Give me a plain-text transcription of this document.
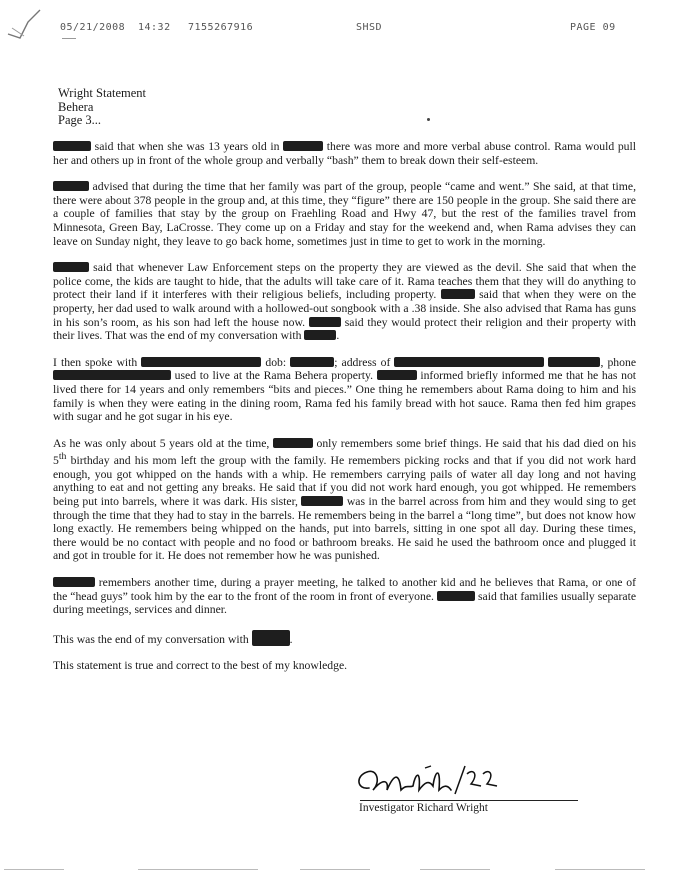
05/21/2008 14:32 7155267916	SHSD	PAGE 09
Wright Statement
Behera
Page 3...

said that when she was 13 years old in	there was more and more verbal abuse control. Rama would pull her and others up in front of the whole group and verbally “bash” them to break down their self-esteem.

advised that during the time that her family was part of the group, people “came and went.” She said, at that time, there were about 378 people in the group and, at this time, they “figure” there are 150 people in the group. She said there are a couple of families that stay by the group on Fraehling Road and Hwy 47, but the rest of the families travel from Minnesota, Green Bay, LaCrosse. They come up on a Friday and stay for the weekend and, when Rama advises they can leave on Sunday night, they leave to go back home, sometimes just in time to get to work in the morning.

said that whenever Law Enforcement steps on the property they are viewed as the devil. She said that when the police come, the kids are taught to hide, that the adults will take care of it. Rama teaches them that they will do anything to protect their land if it interferes with their religious beliefs, including property.	said that when they were on the property, her dad used to walk around with a hollowed-out songbook with a .38 inside. She also advised that Rama has guns in his son’s room, as his son had left the house now.	said they would protect their religion and their property with their lives. That was the end of my conversation with	.

I then spoke with	dob:	; address of	, phone  used to live at the Rama Behera property.	informed briefly informed me that he has not lived there for 14 years and only remembers “bits and pieces.” One thing he remembers about Rama doing to him and his family is when they were eating in the dining room, Rama fed his family bread with hot sauce. Rama then fed him grapes with sugar and he got sugar in his eye.

As he was only about 5 years old at the time,	only remembers some brief things. He said that his dad died on his 5th birthday and his mom left the group with the family. He remembers picking rocks and that if you did not work hard enough, you got whipped on the hands with a whip. He remembers carrying pails of water all day long and not having anything to eat and not getting any breaks. He said that if you did not work hard enough, you got whipped. He remembers being put into barrels, where it was dark. His sister,	was in the barrel across from him and they would sing to get through the time that they had to stay in the barrels. He remembers being in the barrel a “long time”, but does not know how long exactly. He remembers being whipped on the hands, put into barrels, sitting in one spot all day. During these times, there would be no contact with people and no food or bathroom breaks. He said he used the bathroom once and plugged it and got in trouble for it. He does not remember how he was punished.

remembers another time, during a prayer meeting, he talked to another kid and he believes that Rama, or one of the “head guys” took him by the ear to the front of the room in front of everyone.	said that families usually separate during meetings, services and dinner.

This was the end of my conversation with	.

This statement is true and correct to the best of my knowledge.

Investigator Richard Wright
